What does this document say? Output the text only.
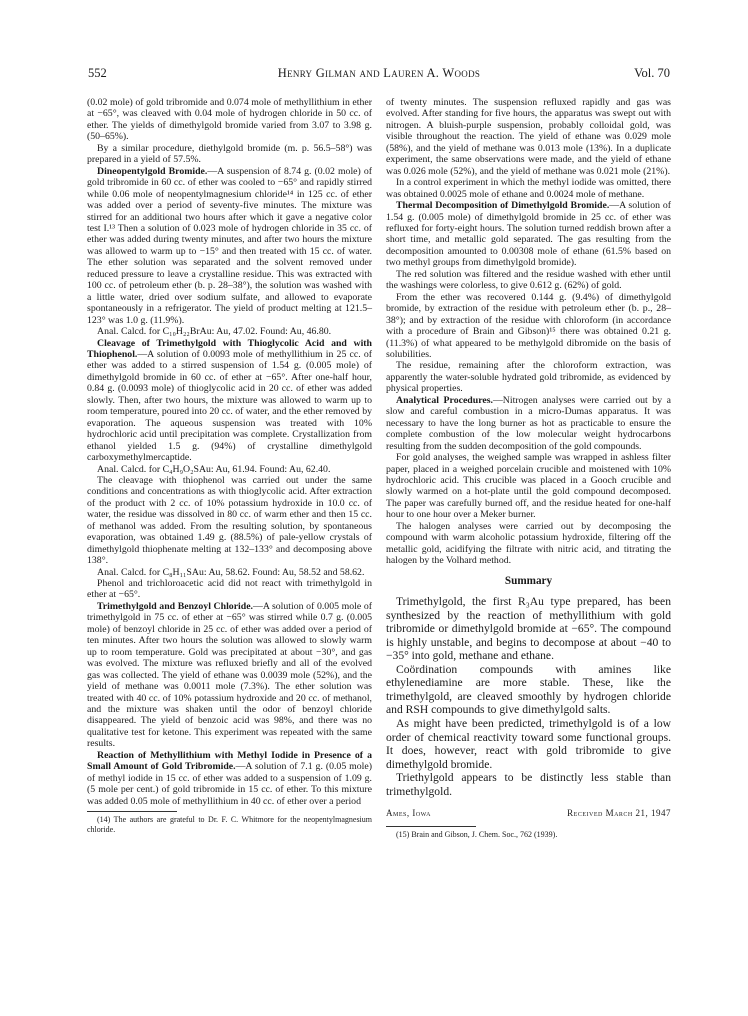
552	Henry Gilman and Lauren A. Woods	Vol. 70

(0.02 mole) of gold tribromide and 0.074 mole of methyllithium in ether at −65°, was cleaved with 0.04 mole of hydrogen chloride in 50 cc. of ether. The yields of dimethylgold bromide varied from 3.07 to 3.98 g. (50–65%).

By a similar procedure, diethylgold bromide (m. p. 56.5–58°) was prepared in a yield of 57.5%.

Dineopentylgold Bromide.—A suspension of 8.74 g. (0.02 mole) of gold tribromide in 60 cc. of ether was cooled to −65° and rapidly stirred while 0.06 mole of neopentylmagnesium chloride¹⁴ in 125 cc. of ether was added over a period of seventy-five minutes. The mixture was stirred for an additional two hours after which it gave a negative color test I.¹³ Then a solution of 0.023 mole of hydrogen chloride in 35 cc. of ether was added during twenty minutes, and after two hours the mixture was allowed to warm up to −15° and then treated with 15 cc. of water. The ether solution was separated and the solvent removed under reduced pressure to leave a crystalline residue. This was extracted with 100 cc. of petroleum ether (b. p. 28–38°), the solution was washed with a little water, dried over sodium sulfate, and allowed to evaporate spontaneously in a refrigerator. The yield of product melting at 121.5–123° was 1.0 g. (11.9%).

Anal. Calcd. for C₁₀H₂₂BrAu: Au, 47.02. Found: Au, 46.80.

Cleavage of Trimethylgold with Thioglycolic Acid and with Thiophenol.—A solution of 0.0093 mole of methyllithium in 25 cc. of ether was added to a stirred suspension of 1.54 g. (0.005 mole) of dimethylgold bromide in 60 cc. of ether at −65°. After one-half hour, 0.84 g. (0.0093 mole) of thioglycolic acid in 20 cc. of ether was added slowly. Then, after two hours, the mixture was allowed to warm up to room temperature, poured into 20 cc. of water, and the ether removed by evaporation. The aqueous suspension was treated with 10% hydrochloric acid until precipitation was complete. Crystallization from ethanol yielded 1.5 g. (94%) of crystalline dimethylgold carboxymethylmercaptide.

Anal. Calcd. for C₄H₉O₂SAu: Au, 61.94. Found: Au, 62.40.

The cleavage with thiophenol was carried out under the same conditions and concentrations as with thioglycolic acid. After extraction of the product with 2 cc. of 10% potassium hydroxide in 10.0 cc. of water, the residue was dissolved in 80 cc. of warm ether and then 15 cc. of methanol was added. From the resulting solution, by spontaneous evaporation, was obtained 1.49 g. (88.5%) of pale-yellow crystals of dimethylgold thiophenate melting at 132–133° and decomposing above 138°.

Anal. Calcd. for C₈H₁₁SAu: Au, 58.62. Found: Au, 58.52 and 58.62.

Phenol and trichloroacetic acid did not react with trimethylgold in ether at −65°.

Trimethylgold and Benzoyl Chloride.—A solution of 0.005 mole of trimethylgold in 75 cc. of ether at −65° was stirred while 0.7 g. (0.005 mole) of benzoyl chloride in 25 cc. of ether was added over a period of ten minutes. After two hours the solution was allowed to slowly warm up to room temperature. Gold was precipitated at about −30°, and gas was evolved. The mixture was refluxed briefly and all of the evolved gas was collected. The yield of ethane was 0.0039 mole (52%), and the yield of methane was 0.0011 mole (7.3%). The ether solution was treated with 40 cc. of 10% potassium hydroxide and 20 cc. of methanol, and the mixture was shaken until the odor of benzoyl chloride disappeared. The yield of benzoic acid was 98%, and there was no qualitative test for ketone. This experiment was repeated with the same results.

Reaction of Methyllithium with Methyl Iodide in Presence of a Small Amount of Gold Tribromide.—A solution of 7.1 g. (0.05 mole) of methyl iodide in 15 cc. of ether was added to a suspension of 1.09 g. (5 mole per cent.) of gold tribromide in 15 cc. of ether. To this mixture was added 0.05 mole of methyllithium in 40 cc. of ether over a period

(14) The authors are grateful to Dr. F. C. Whitmore for the neopentylmagnesium chloride.

of twenty minutes. The suspension refluxed rapidly and gas was evolved. After standing for five hours, the apparatus was swept out with nitrogen. A bluish-purple suspension, probably colloidal gold, was visible throughout the reaction. The yield of ethane was 0.029 mole (58%), and the yield of methane was 0.013 mole (13%). In a duplicate experiment, the same observations were made, and the yield of ethane was 0.026 mole (52%), and the yield of methane was 0.021 mole (21%).

In a control experiment in which the methyl iodide was omitted, there was obtained 0.0025 mole of ethane and 0.0024 mole of methane.

Thermal Decomposition of Dimethylgold Bromide.—A solution of 1.54 g. (0.005 mole) of dimethylgold bromide in 25 cc. of ether was refluxed for forty-eight hours. The solution turned reddish brown after a short time, and metallic gold separated. The gas resulting from the decomposition amounted to 0.00308 mole of ethane (61.5% based on two methyl groups from dimethylgold bromide).

The red solution was filtered and the residue washed with ether until the washings were colorless, to give 0.612 g. (62%) of gold.

From the ether was recovered 0.144 g. (9.4%) of dimethylgold bromide, by extraction of the residue with petroleum ether (b. p., 28–38°); and by extraction of the residue with chloroform (in accordance with a procedure of Brain and Gibson)¹⁵ there was obtained 0.21 g. (11.3%) of what appeared to be methylgold dibromide on the basis of solubilities.

The residue, remaining after the chloroform extraction, was apparently the water-soluble hydrated gold tribromide, as evidenced by physical properties.

Analytical Procedures.—Nitrogen analyses were carried out by a slow and careful combustion in a micro-Dumas apparatus. It was necessary to have the long burner as hot as practicable to ensure the complete combustion of the low molecular weight hydrocarbons resulting from the sudden decomposition of the gold compounds.

For gold analyses, the weighed sample was wrapped in ashless filter paper, placed in a weighed porcelain crucible and moistened with 10% hydrochloric acid. This crucible was placed in a Gooch crucible and slowly warmed on a hot-plate until the gold compound decomposed. The paper was carefully burned off, and the residue heated for one-half hour to one hour over a Meker burner.

The halogen analyses were carried out by decomposing the compound with warm alcoholic potassium hydroxide, filtering off the metallic gold, acidifying the filtrate with nitric acid, and titrating the halogen by the Volhard method.

Summary

Trimethylgold, the first R₃Au type prepared, has been synthesized by the reaction of methyllithium with gold tribromide or dimethylgold bromide at −65°. The compound is highly unstable, and begins to decompose at about −40 to −35° into gold, methane and ethane.

Coördination compounds with amines like ethylenediamine are more stable. These, like the trimethylgold, are cleaved smoothly by hydrogen chloride and RSH compounds to give dimethylgold salts.

As might have been predicted, trimethylgold is of a low order of chemical reactivity toward some functional groups. It does, however, react with gold tribromide to give dimethylgold bromide.

Triethylgold appears to be distinctly less stable than trimethylgold.

Ames, Iowa	Received March 21, 1947

(15) Brain and Gibson, J. Chem. Soc., 762 (1939).
